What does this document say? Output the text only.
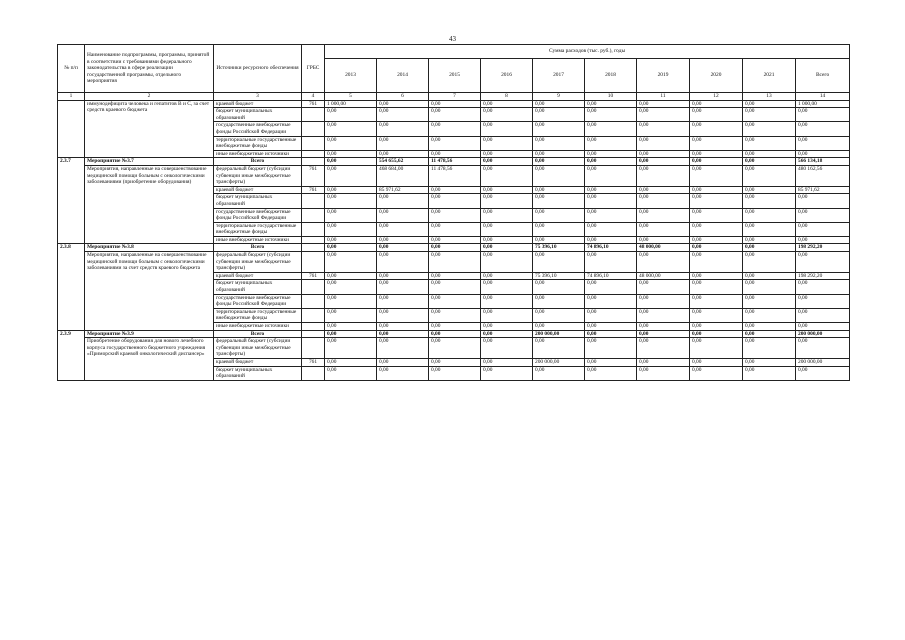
43
№ п/п	Наименование подпрограммы, программы, принятой в соответствии с требованиями федерального законодательства в сфере реализации государственной программы, отдельного мероприятия	Источники ресурсного обеспечения	ГРБС	Сумма расходов (тыс. руб.), годы									
				2013	2014	2015	2016	2017	2018	2019	2020	2021	Всего
1	2	3	4	5	6	7	8	9	10	11	12	13	14
	иммунодефицита человека и гепатитов В и С, за счет средств краевого бюджета	краевой бюджет	761	1 000,00	0,00	0,00	0,00	0,00	0,00	0,00	0,00	0,00	1 000,00
		бюджет муниципальных образований		0,00	0,00	0,00	0,00	0,00	0,00	0,00	0,00	0,00	0,00
		государственные внебюджетные фонды Российской Федерации		0,00	0,00	0,00	0,00	0,00	0,00	0,00	0,00	0,00	0,00
		территориальные государственные внебюджетные фонды		0,00	0,00	0,00	0,00	0,00	0,00	0,00	0,00	0,00	0,00
		иные внебюджетные источники		0,00	0,00	0,00	0,00	0,00	0,00	0,00	0,00	0,00	0,00
2.3.7	Мероприятие №3.7	Всего		0,00	554 655,62	11 478,56	0,00	0,00	0,00	0,00	0,00	0,00	566 134,18
	Мероприятия, направленные на совершенствование медицинской помощи больным с онкологическими заболеваниями (приобретение оборудования)	федеральный бюджет (субсидии субвенции иные межбюджетные трансферты)	761	0,00	468 684,00	11 478,56	0,00	0,00	0,00	0,00	0,00	0,00	480 162,56
		краевой бюджет	761	0,00	85 971,62	0,00	0,00	0,00	0,00	0,00	0,00	0,00	85 971,62
		бюджет муниципальных образований		0,00	0,00	0,00	0,00	0,00	0,00	0,00	0,00	0,00	0,00
		государственные внебюджетные фонды Российской Федерации		0,00	0,00	0,00	0,00	0,00	0,00	0,00	0,00	0,00	0,00
		территориальные государственные внебюджетные фонды		0,00	0,00	0,00	0,00	0,00	0,00	0,00	0,00	0,00	0,00
		иные внебюджетные источники		0,00	0,00	0,00	0,00	0,00	0,00	0,00	0,00	0,00	0,00
2.3.8	Мероприятие №3.8	Всего		0,00	0,00	0,00	0,00	75 396,10	74 896,10	48 000,00	0,00	0,00	198 292,20
	Мероприятия, направленные на совершенствование медицинской помощи больным с онкологическими заболеваниями за счет средств краевого бюджета	федеральный бюджет (субсидии субвенции иные межбюджетные трансферты)		0,00	0,00	0,00	0,00	0,00	0,00	0,00	0,00	0,00	0,00
		краевой бюджет	761	0,00	0,00	0,00	0,00	75 396,10	74 896,10	48 000,00	0,00	0,00	198 292,20
		бюджет муниципальных образований		0,00	0,00	0,00	0,00	0,00	0,00	0,00	0,00	0,00	0,00
		государственные внебюджетные фонды Российской Федерации		0,00	0,00	0,00	0,00	0,00	0,00	0,00	0,00	0,00	0,00
		территориальные государственные внебюджетные фонды		0,00	0,00	0,00	0,00	0,00	0,00	0,00	0,00	0,00	0,00
		иные внебюджетные источники		0,00	0,00	0,00	0,00	0,00	0,00	0,00	0,00	0,00	0,00
2.3.9	Мероприятие №3.9	Всего		0,00	0,00	0,00	0,00	200 000,00	0,00	0,00	0,00	0,00	200 000,00
	Приобретение оборудования для нового лечебного корпуса государственного бюджетного учреждения «Приморский краевой онкологический диспансер»	федеральный бюджет (субсидии субвенции иные межбюджетные трансферты)		0,00	0,00	0,00	0,00	0,00	0,00	0,00	0,00	0,00	0,00
		краевой бюджет	761	0,00	0,00	0,00	0,00	200 000,00	0,00	0,00	0,00	0,00	200 000,00
		бюджет муниципальных образований		0,00	0,00	0,00	0,00	0,00	0,00	0,00	0,00	0,00	0,00
